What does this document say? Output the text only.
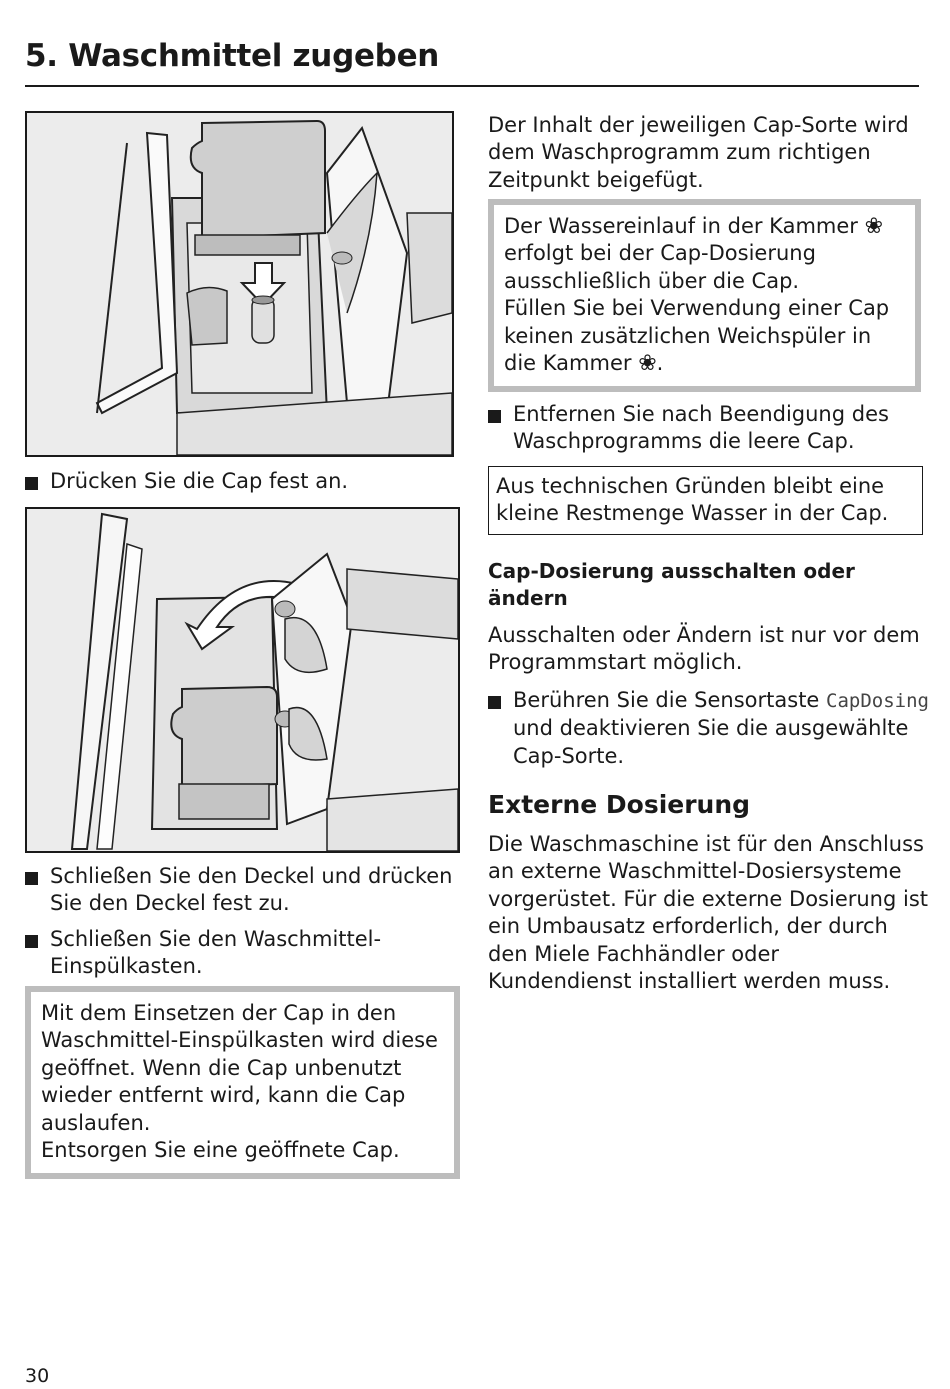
5. Waschmittel zugeben
Drücken Sie die Cap fest an.
Schließen Sie den Deckel und drücken Sie den Deckel fest zu.
Schließen Sie den Waschmittel-Einspülkasten.

Mit dem Einsetzen der Cap in den Waschmittel-Einspülkasten wird diese geöffnet. Wenn die Cap unbenutzt wieder entfernt wird, kann die Cap auslaufen.

Entsorgen Sie eine geöffnete Cap.

Der Inhalt der jeweiligen Cap-Sorte wird dem Waschprogramm zum richtigen Zeitpunkt beigefügt.

Der Wassereinlauf in der Kammer ❀ erfolgt bei der Cap-Dosierung ausschließlich über die Cap.

Füllen Sie bei Verwendung einer Cap keinen zusätzlichen Weichspüler in die Kammer ❀.

Entfernen Sie nach Beendigung des Waschprogramms die leere Cap.

Aus technischen Gründen bleibt eine kleine Restmenge Wasser in der Cap.

Cap-Dosierung ausschalten oder ändern

Ausschalten oder Ändern ist nur vor dem Programmstart möglich.

Berühren Sie die Sensortaste CapDosing und deaktivieren Sie die ausgewählte Cap-Sorte.
Externe Dosierung

Die Waschmaschine ist für den Anschluss an externe Waschmittel-Dosiersysteme vorgerüstet. Für die externe Dosierung ist ein Umbausatz erforderlich, der durch den Miele Fachhändler oder Kundendienst installiert werden muss.

30
